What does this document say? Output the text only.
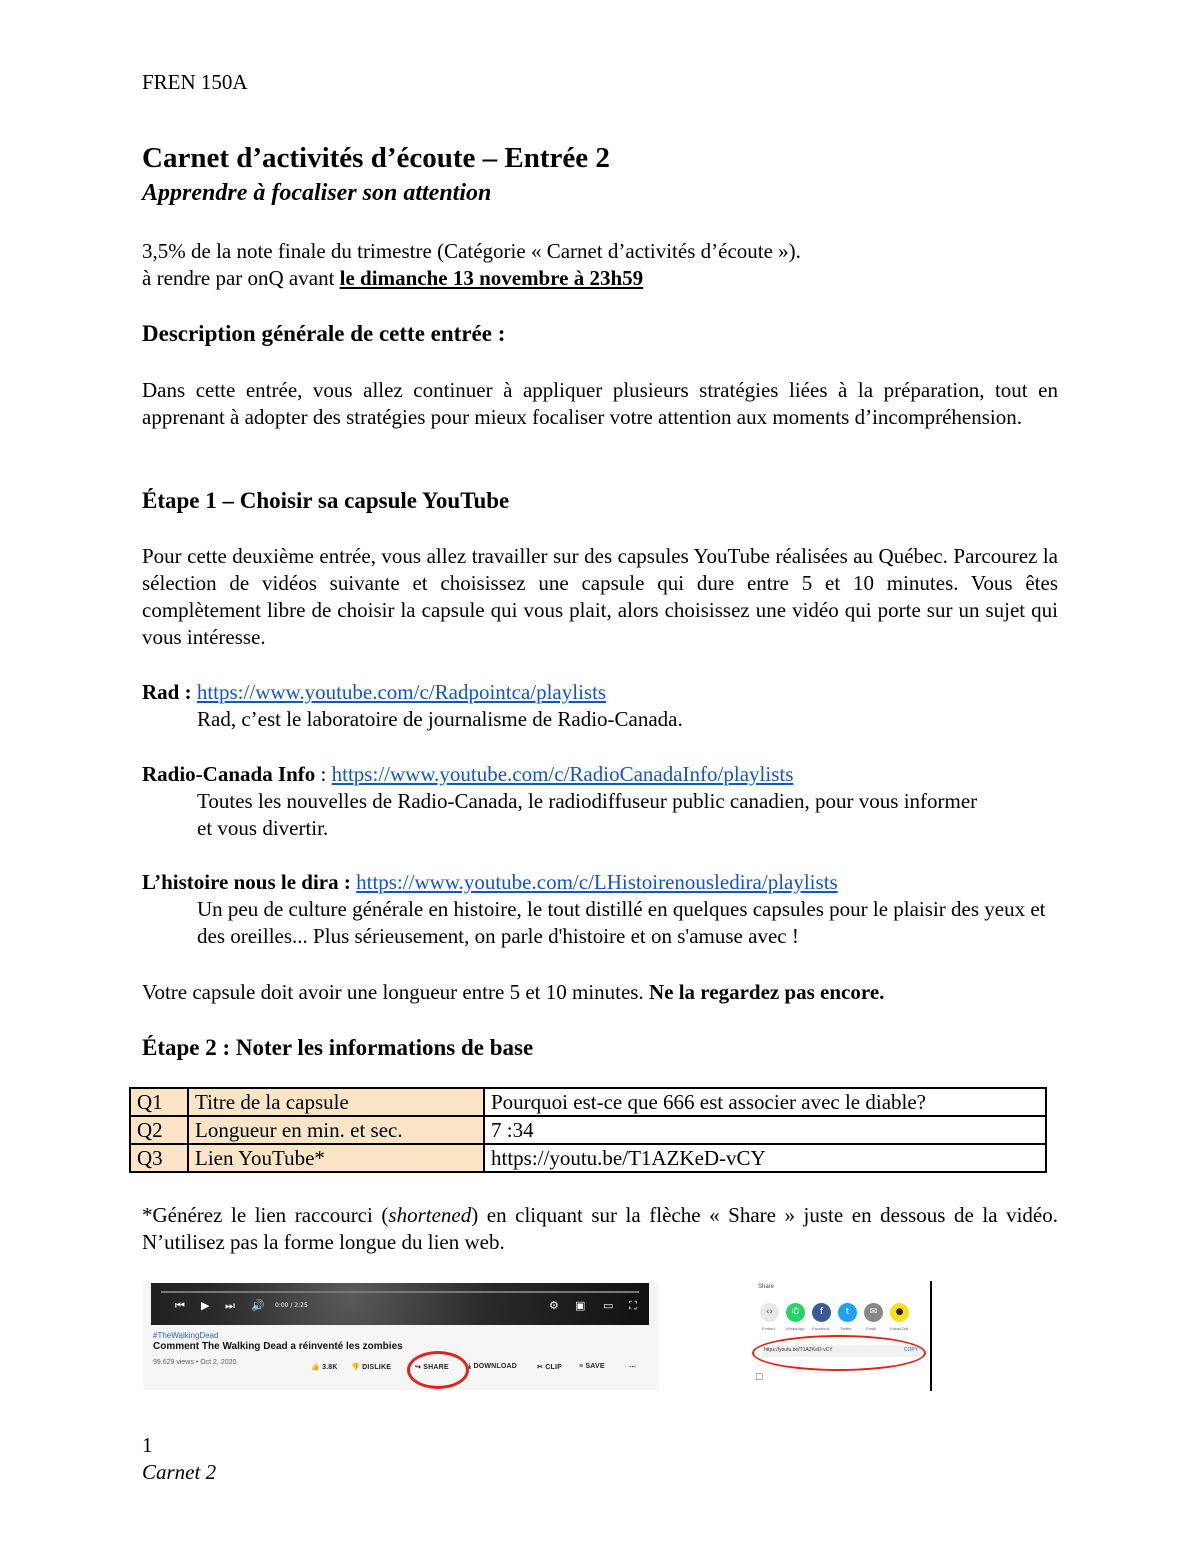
FREN 150A
Carnet d’activités d’écoute – Entrée 2
Apprendre à focaliser son attention
3,5% de la note finale du trimestre (Catégorie « Carnet d’activités d’écoute »).
à rendre par onQ avant le dimanche 13 novembre à 23h59
Description générale de cette entrée :
Dans cette entrée, vous allez continuer à appliquer plusieurs stratégies liées à la préparation, tout en apprenant à adopter des stratégies pour mieux focaliser votre attention aux moments d’incompréhension.
Étape 1 – Choisir sa capsule YouTube
Pour cette deuxième entrée, vous allez travailler sur des capsules YouTube réalisées au Québec. Parcourez la sélection de vidéos suivante et choisissez une capsule qui dure entre 5 et 10 minutes. Vous êtes complètement libre de choisir la capsule qui vous plait, alors choisissez une vidéo qui porte sur un sujet qui vous intéresse.
Rad : https://www.youtube.com/c/Radpointca/playlists
Rad, c’est le laboratoire de journalisme de Radio-Canada.
Radio-Canada Info : https://www.youtube.com/c/RadioCanadaInfo/playlists
Toutes les nouvelles de Radio-Canada, le radiodiffuseur public canadien, pour vous informer et vous divertir.
L’histoire nous le dira : https://www.youtube.com/c/LHistoirenousledira/playlists
Un peu de culture générale en histoire, le tout distillé en quelques capsules pour le plaisir des yeux et des oreilles... Plus sérieusement, on parle d'histoire et on s'amuse avec !
Votre capsule doit avoir une longueur entre 5 et 10 minutes. Ne la regardez pas encore.
Étape 2 : Noter les informations de base
Q1	Titre de la capsule	Pourquoi est-ce que 666 est associer avec le diable?
Q2	Longueur en min. et sec.	7 :34
Q3	Lien YouTube*	https://youtu.be/T1AZKeD-vCY
*Générez le lien raccourci (shortened) en cliquant sur la flèche « Share » juste en dessous de la vidéo. N’utilisez pas la forme longue du lien web.
⏮ ▶ ⏭ 🔊 0:00 / 2:25	⚙ ▣ ▭ ⛶
#TheWalkingDead
Comment The Walking Dead a réinventé les zombies
99,629 views • Oct 2, 2020
👍 3.8K 👎 DISLIKE	↪ SHARE	⤓ DOWNLOAD	✂ CLIP ≡ SAVE	⋯
Share
‹›	✆	f	t	✉	●
Embed	WhatsApp Facebook	Twitter	Email	KakaoTalk
https://youtu.be/T1AZKeD-vCY	COPY
☐
1
Carnet 2
